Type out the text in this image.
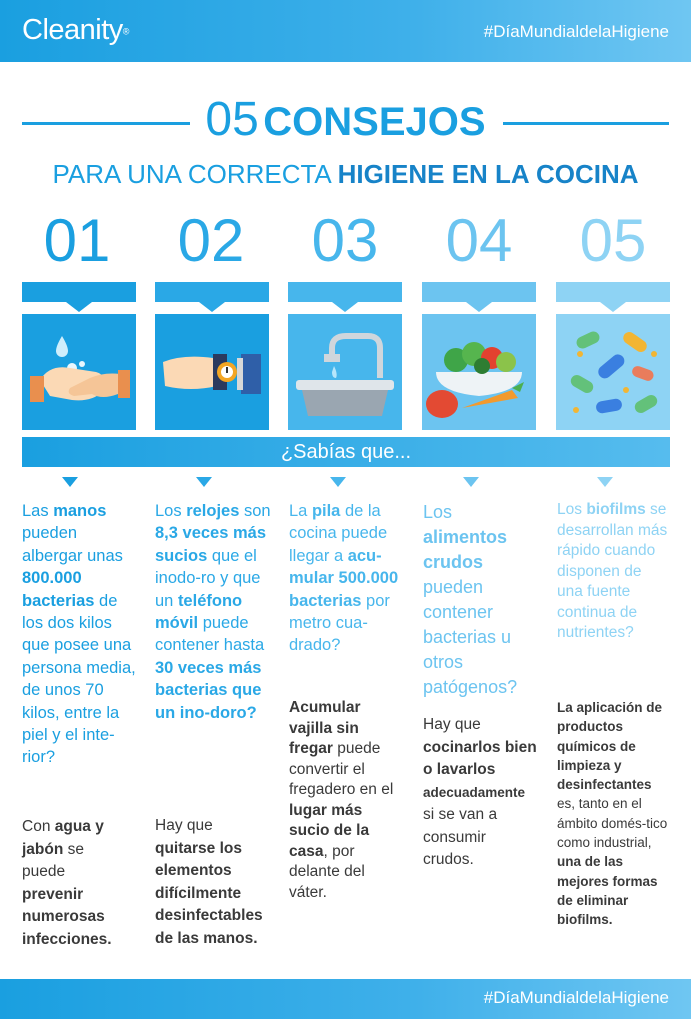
Cleanity®	#DíaMundialdelaHigiene
05 CONSEJOS
PARA UNA CORRECTA HIGIENE EN LA COCINA
01	02	03	04	05
¿Sabías que...
Las manos pueden albergar unas 800.000 bacterias de los dos kilos que posee una persona media, de unos 70 kilos, entre la piel y el inte-rior?
Con agua y jabón se puede prevenir numerosas infecciones.
Los relojes son 8,3 veces más sucios que el inodo-ro y que un teléfono móvil puede contener hasta 30 veces más bacterias que un ino-doro?
Hay que quitarse los elementos difícilmente desinfectables de las manos.
La pila de la cocina puede llegar a acu-mular 500.000 bacterias por metro cua-drado?
Acumular vajilla sin fregar puede convertir el fregadero en el lugar más sucio de la casa, por delante del váter.
Los alimentos crudos pueden contener bacterias u otros patógenos?
Hay que cocinarlos bien o lavarlos adecuadamente si se van a consumir crudos.
Los biofilms se desarrollan más rápido cuando disponen de una fuente continua de nutrientes?
La aplicación de productos químicos de limpieza y desinfectantes es, tanto en el ámbito domés-tico como industrial, una de las mejores formas de eliminar biofilms.
#DíaMundialdelaHigiene
